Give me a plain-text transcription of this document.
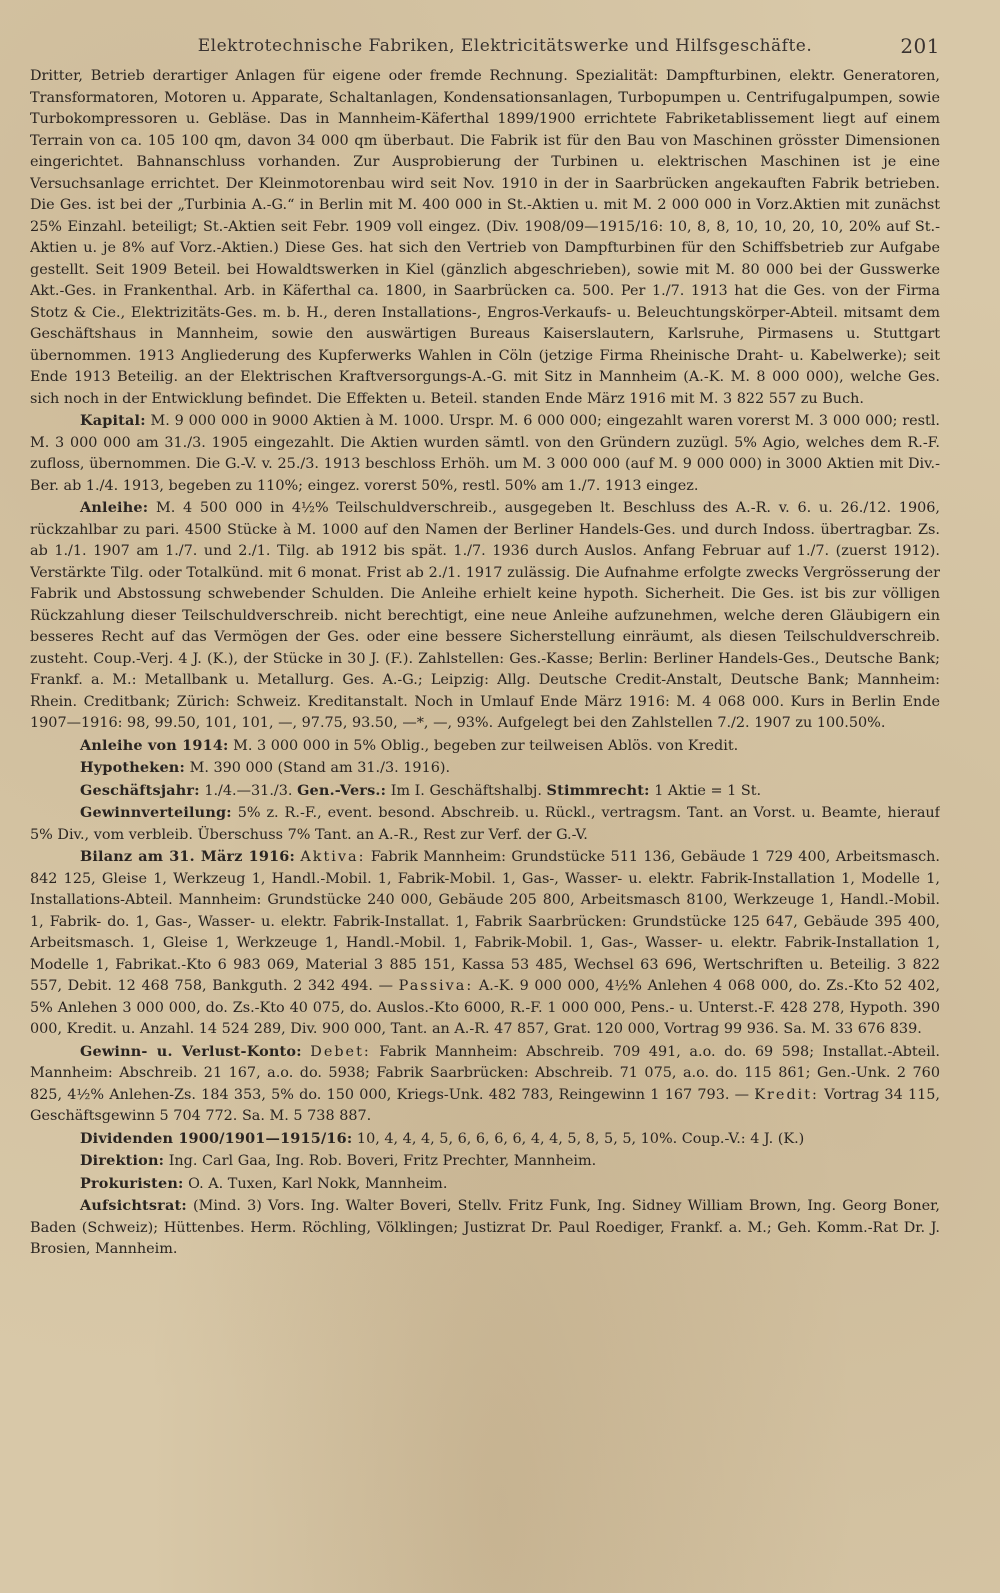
Elektrotechnische Fabriken, Elektricitätswerke und Hilfsgeschäfte.	201

Dritter, Betrieb derartiger Anlagen für eigene oder fremde Rechnung. Spezialität: Dampfturbinen, elektr. Generatoren, Transformatoren, Motoren u. Apparate, Schaltanlagen, Kondensationsanlagen, Turbopumpen u. Centrifugalpumpen, sowie Turbokompressoren u. Gebläse. Das in Mannheim-Käferthal 1899/1900 errichtete Fabriketablissement liegt auf einem Terrain von ca. 105 100 qm, davon 34 000 qm überbaut. Die Fabrik ist für den Bau von Maschinen grösster Dimensionen eingerichtet. Bahnanschluss vorhanden. Zur Ausprobierung der Turbinen u. elektrischen Maschinen ist je eine Versuchsanlage errichtet. Der Kleinmotorenbau wird seit Nov. 1910 in der in Saarbrücken angekauften Fabrik betrieben. Die Ges. ist bei der „Turbinia A.-G.“ in Berlin mit M. 400 000 in St.-Aktien u. mit M. 2 000 000 in Vorz.Aktien mit zunächst 25% Einzahl. beteiligt; St.-Aktien seit Febr. 1909 voll eingez. (Div. 1908/09—1915/16: 10, 8, 8, 10, 10, 20, 10, 20% auf St.-Aktien u. je 8% auf Vorz.-Aktien.) Diese Ges. hat sich den Vertrieb von Dampfturbinen für den Schiffsbetrieb zur Aufgabe gestellt. Seit 1909 Beteil. bei Howaldtswerken in Kiel (gänzlich abgeschrieben), sowie mit M. 80 000 bei der Gusswerke Akt.-Ges. in Frankenthal. Arb. in Käferthal ca. 1800, in Saarbrücken ca. 500. Per 1./7. 1913 hat die Ges. von der Firma Stotz & Cie., Elektrizitäts-Ges. m. b. H., deren Installations-, Engros-Verkaufs- u. Beleuchtungskörper-Abteil. mitsamt dem Geschäftshaus in Mannheim, sowie den auswärtigen Bureaus Kaiserslautern, Karlsruhe, Pirmasens u. Stuttgart übernommen. 1913 Angliederung des Kupferwerks Wahlen in Cöln (jetzige Firma Rheinische Draht- u. Kabelwerke); seit Ende 1913 Beteilig. an der Elektrischen Kraftversorgungs-A.-G. mit Sitz in Mannheim (A.-K. M. 8 000 000), welche Ges. sich noch in der Entwicklung befindet. Die Effekten u. Beteil. standen Ende März 1916 mit M. 3 822 557 zu Buch.

Kapital: M. 9 000 000 in 9000 Aktien à M. 1000. Urspr. M. 6 000 000; eingezahlt waren vorerst M. 3 000 000; restl. M. 3 000 000 am 31./3. 1905 eingezahlt. Die Aktien wurden sämtl. von den Gründern zuzügl. 5% Agio, welches dem R.-F. zufloss, übernommen. Die G.-V. v. 25./3. 1913 beschloss Erhöh. um M. 3 000 000 (auf M. 9 000 000) in 3000 Aktien mit Div.-Ber. ab 1./4. 1913, begeben zu 110%; eingez. vorerst 50%, restl. 50% am 1./7. 1913 eingez.

Anleihe: M. 4 500 000 in 4½% Teilschuldverschreib., ausgegeben lt. Beschluss des A.-R. v. 6. u. 26./12. 1906, rückzahlbar zu pari. 4500 Stücke à M. 1000 auf den Namen der Berliner Handels-Ges. und durch Indoss. übertragbar. Zs. ab 1./1. 1907 am 1./7. und 2./1. Tilg. ab 1912 bis spät. 1./7. 1936 durch Auslos. Anfang Februar auf 1./7. (zuerst 1912). Verstärkte Tilg. oder Totalkünd. mit 6 monat. Frist ab 2./1. 1917 zulässig. Die Aufnahme erfolgte zwecks Vergrösserung der Fabrik und Abstossung schwebender Schulden. Die Anleihe erhielt keine hypoth. Sicherheit. Die Ges. ist bis zur völligen Rückzahlung dieser Teilschuldverschreib. nicht berechtigt, eine neue Anleihe aufzunehmen, welche deren Gläubigern ein besseres Recht auf das Vermögen der Ges. oder eine bessere Sicherstellung einräumt, als diesen Teilschuldverschreib. zusteht. Coup.-Verj. 4 J. (K.), der Stücke in 30 J. (F.). Zahlstellen: Ges.-Kasse; Berlin: Berliner Handels-Ges., Deutsche Bank; Frankf. a. M.: Metallbank u. Metallurg. Ges. A.-G.; Leipzig: Allg. Deutsche Credit-Anstalt, Deutsche Bank; Mannheim: Rhein. Creditbank; Zürich: Schweiz. Kreditanstalt. Noch in Umlauf Ende März 1916: M. 4 068 000. Kurs in Berlin Ende 1907—1916: 98, 99.50, 101, 101, —, 97.75, 93.50, —*, —, 93%. Aufgelegt bei den Zahlstellen 7./2. 1907 zu 100.50%.

Anleihe von 1914: M. 3 000 000 in 5% Oblig., begeben zur teilweisen Ablös. von Kredit.

Hypotheken: M. 390 000 (Stand am 31./3. 1916).

Geschäftsjahr: 1./4.—31./3. Gen.-Vers.: Im I. Geschäftshalbj. Stimmrecht: 1 Aktie = 1 St.

Gewinnverteilung: 5% z. R.-F., event. besond. Abschreib. u. Rückl., vertragsm. Tant. an Vorst. u. Beamte, hierauf 5% Div., vom verbleib. Überschuss 7% Tant. an A.-R., Rest zur Verf. der G.-V.

Bilanz am 31. März 1916: Aktiva: Fabrik Mannheim: Grundstücke 511 136, Gebäude 1 729 400, Arbeitsmasch. 842 125, Gleise 1, Werkzeug 1, Handl.-Mobil. 1, Fabrik-Mobil. 1, Gas-, Wasser- u. elektr. Fabrik-Installation 1, Modelle 1, Installations-Abteil. Mannheim: Grundstücke 240 000, Gebäude 205 800, Arbeitsmasch 8100, Werkzeuge 1, Handl.-Mobil. 1, Fabrik- do. 1, Gas-, Wasser- u. elektr. Fabrik-Installat. 1, Fabrik Saarbrücken: Grundstücke 125 647, Gebäude 395 400, Arbeitsmasch. 1, Gleise 1, Werkzeuge 1, Handl.-Mobil. 1, Fabrik-Mobil. 1, Gas-, Wasser- u. elektr. Fabrik-Installation 1, Modelle 1, Fabrikat.-Kto 6 983 069, Material 3 885 151, Kassa 53 485, Wechsel 63 696, Wertschriften u. Beteilig. 3 822 557, Debit. 12 468 758, Bankguth. 2 342 494. — Passiva: A.-K. 9 000 000, 4½% Anlehen 4 068 000, do. Zs.-Kto 52 402, 5% Anlehen 3 000 000, do. Zs.-Kto 40 075, do. Auslos.-Kto 6000, R.-F. 1 000 000, Pens.- u. Unterst.-F. 428 278, Hypoth. 390 000, Kredit. u. Anzahl. 14 524 289, Div. 900 000, Tant. an A.-R. 47 857, Grat. 120 000, Vortrag 99 936. Sa. M. 33 676 839.

Gewinn- u. Verlust-Konto: Debet: Fabrik Mannheim: Abschreib. 709 491, a.o. do. 69 598; Installat.-Abteil. Mannheim: Abschreib. 21 167, a.o. do. 5938; Fabrik Saarbrücken: Abschreib. 71 075, a.o. do. 115 861; Gen.-Unk. 2 760 825, 4½% Anlehen-Zs. 184 353, 5% do. 150 000, Kriegs-Unk. 482 783, Reingewinn 1 167 793. — Kredit: Vortrag 34 115, Geschäftsgewinn 5 704 772. Sa. M. 5 738 887.

Dividenden 1900/1901—1915/16: 10, 4, 4, 4, 5, 6, 6, 6, 6, 4, 4, 5, 8, 5, 5, 10%. Coup.-V.: 4 J. (K.)

Direktion: Ing. Carl Gaa, Ing. Rob. Boveri, Fritz Prechter, Mannheim.

Prokuristen: O. A. Tuxen, Karl Nokk, Mannheim.

Aufsichtsrat: (Mind. 3) Vors. Ing. Walter Boveri, Stellv. Fritz Funk, Ing. Sidney William Brown, Ing. Georg Boner, Baden (Schweiz); Hüttenbes. Herm. Röchling, Völklingen; Justizrat Dr. Paul Roediger, Frankf. a. M.; Geh. Komm.-Rat Dr. J. Brosien, Mannheim.
